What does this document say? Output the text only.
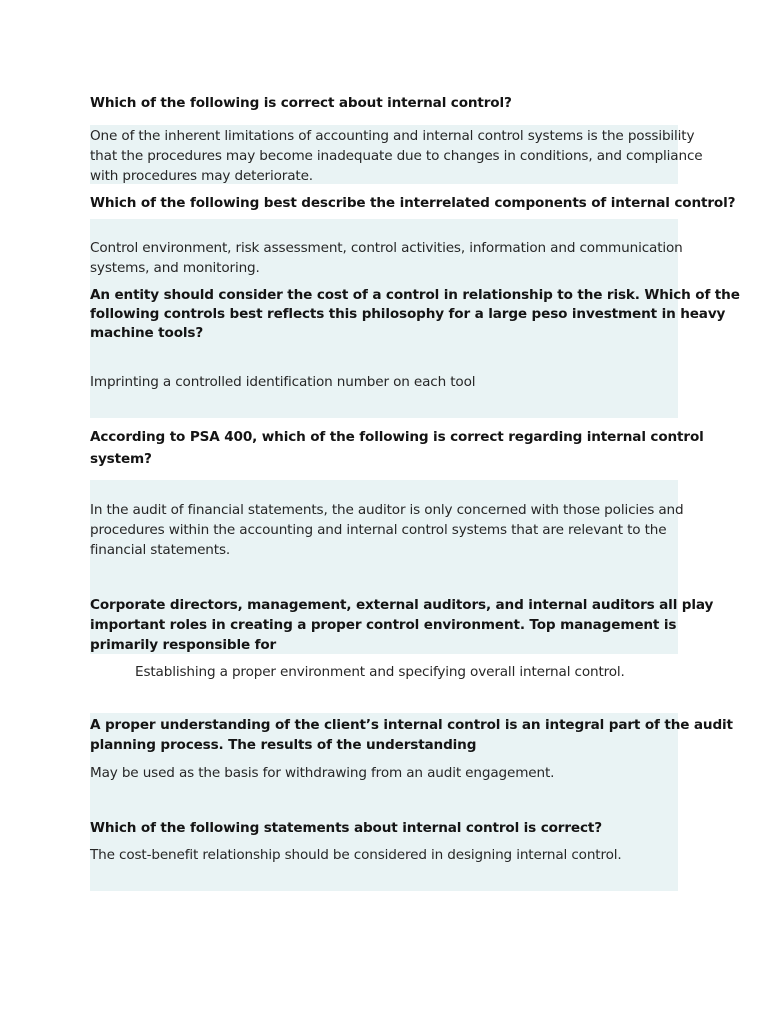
Which of the following is correct about internal control?
One of the inherent limitations of accounting and internal control systems is the possibility
that the procedures may become inadequate due to changes in conditions, and compliance
with procedures may deteriorate.
Which of the following best describe the interrelated components of internal control?
Control environment, risk assessment, control activities, information and communication
systems, and monitoring.
An entity should consider the cost of a control in relationship to the risk. Which of the
following controls best reflects this philosophy for a large peso investment in heavy
machine tools?
Imprinting a controlled identification number on each tool
According to PSA 400, which of the following is correct regarding internal control
system?
In the audit of financial statements, the auditor is only concerned with those policies and
procedures within the accounting and internal control systems that are relevant to the
financial statements.
Corporate directors, management, external auditors, and internal auditors all play
important roles in creating a proper control environment. Top management is
primarily responsible for
Establishing a proper environment and specifying overall internal control.
A proper understanding of the client’s internal control is an integral part of the audit
planning process. The results of the understanding
May be used as the basis for withdrawing from an audit engagement.
Which of the following statements about internal control is correct?
The cost-benefit relationship should be considered in designing internal control.
